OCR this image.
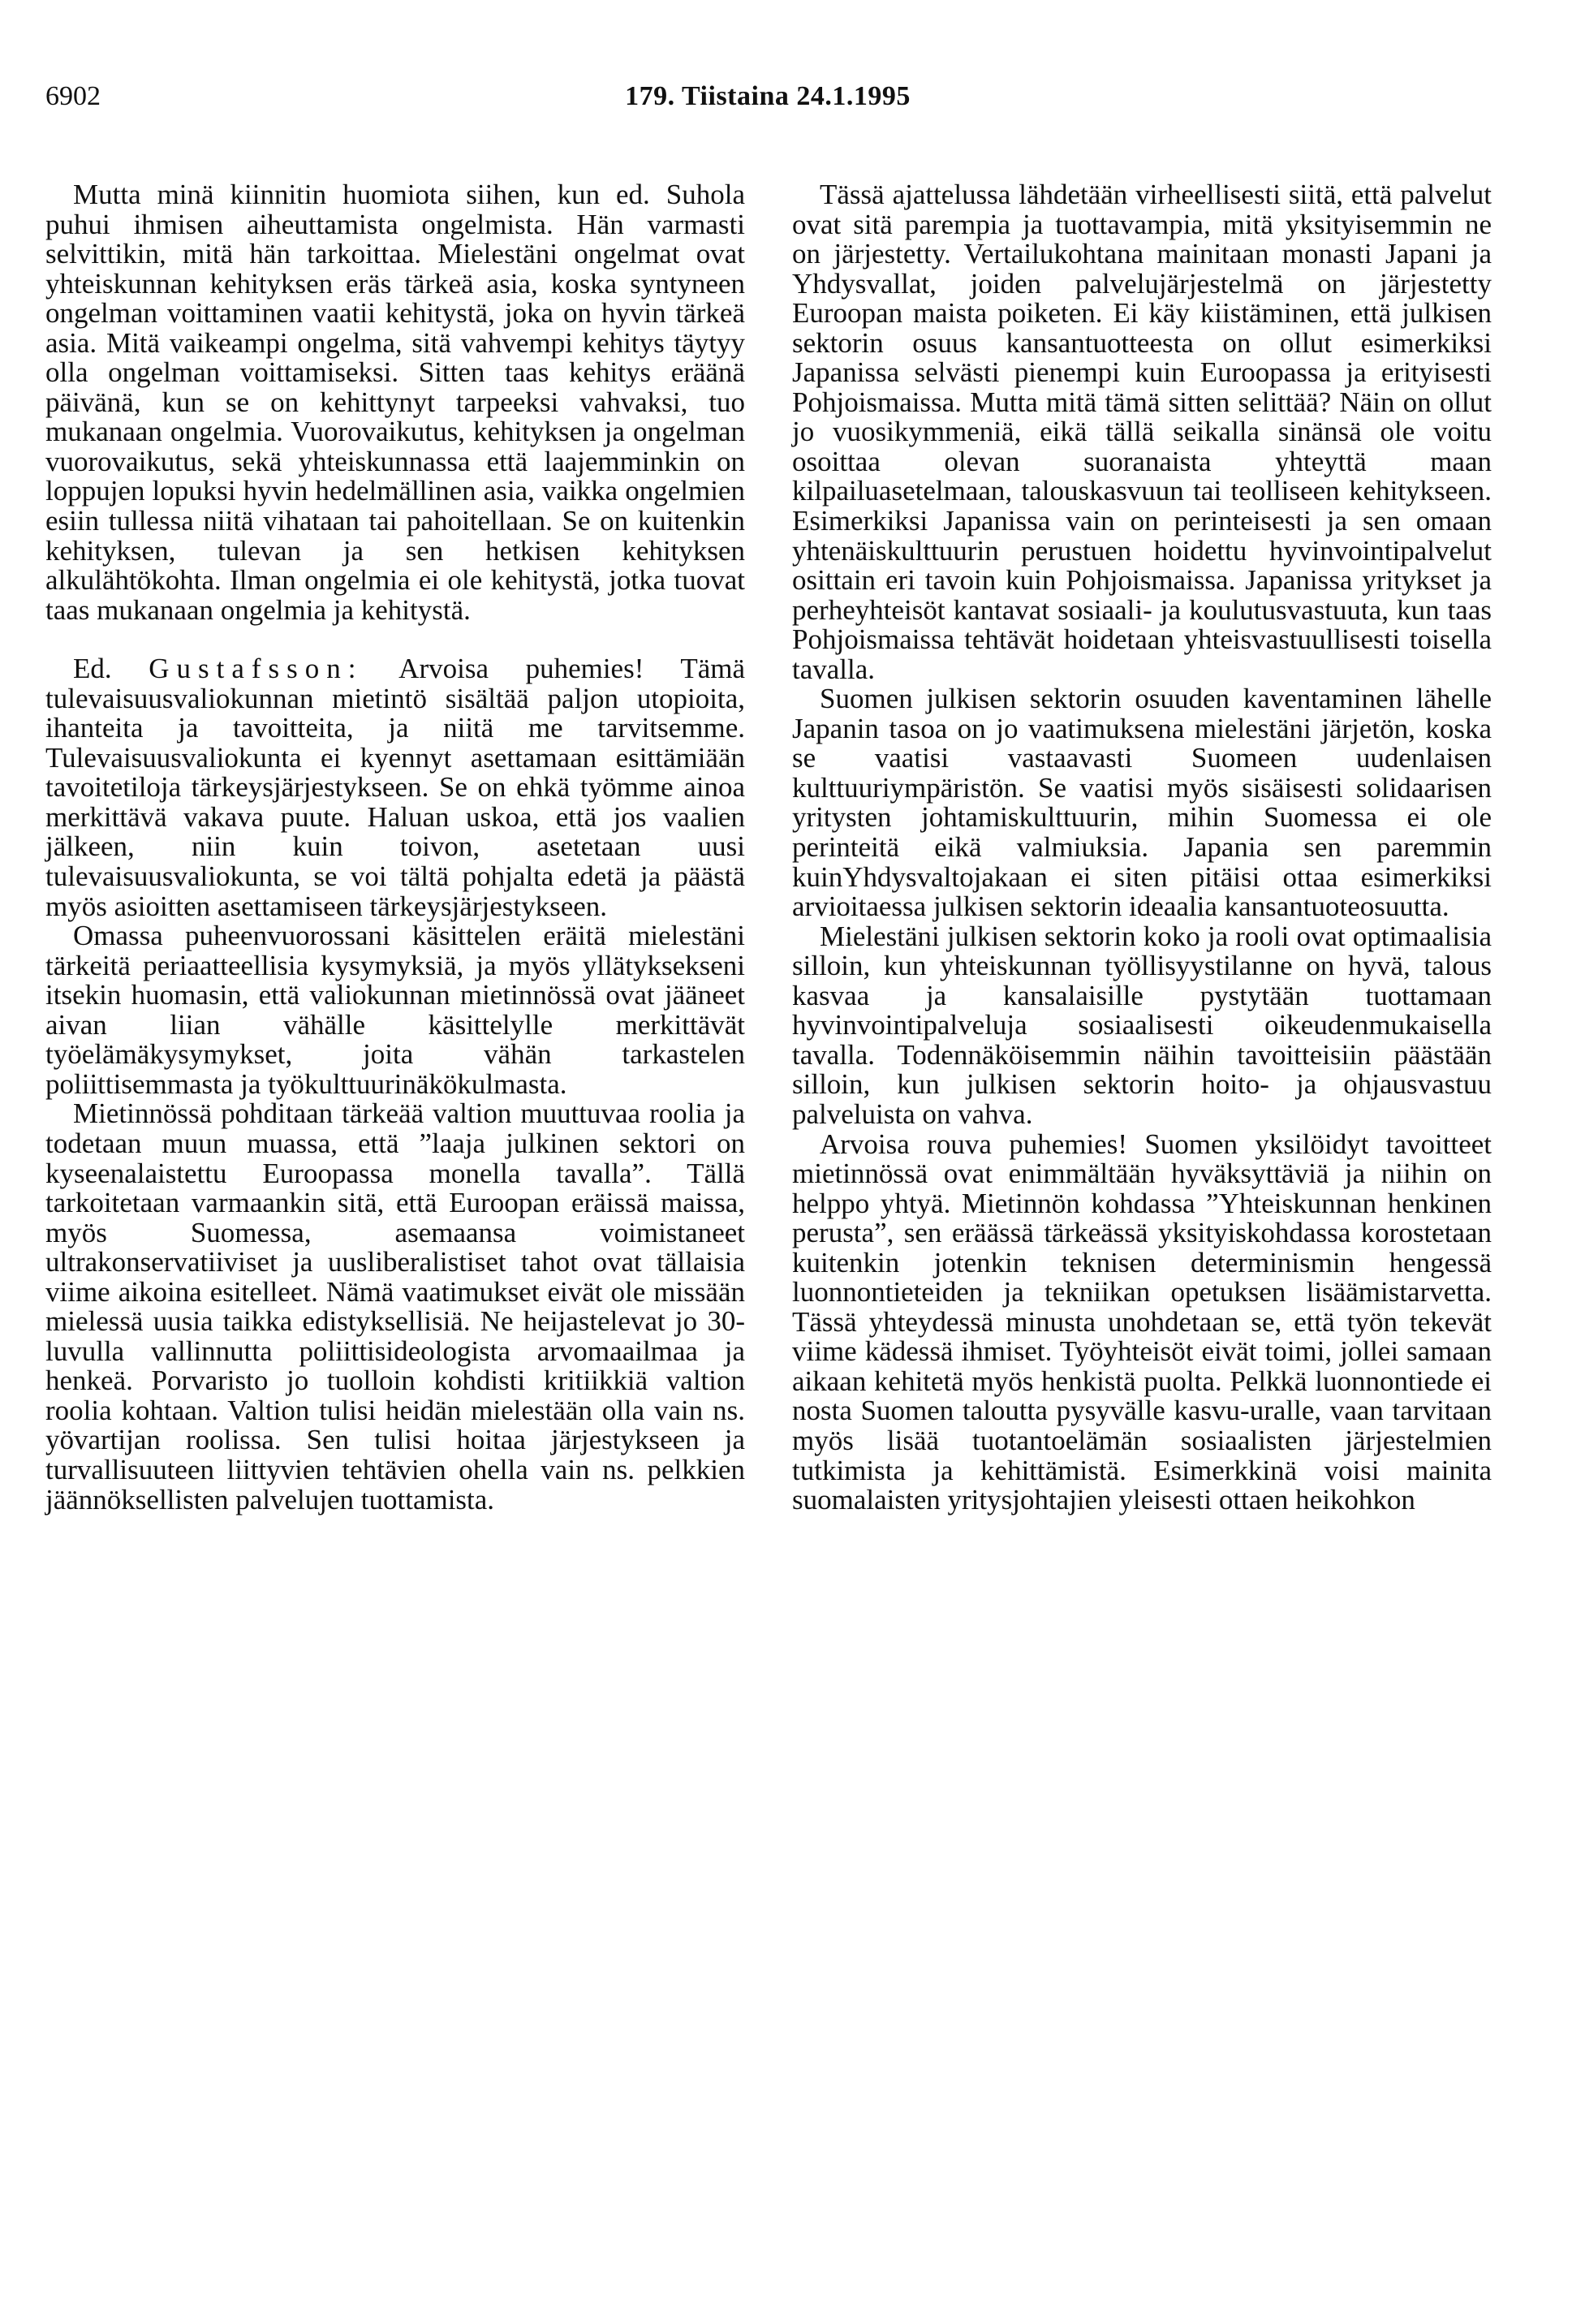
6902	179. Tiistaina 24.1.1995

Mutta minä kiinnitin huomiota siihen, kun ed. Suhola puhui ihmisen aiheuttamista ongelmista. Hän varmasti selvittikin, mitä hän tarkoittaa. Mielestäni ongelmat ovat yhteiskunnan kehityksen eräs tärkeä asia, koska syntyneen ongelman voittaminen vaatii kehitystä, joka on hyvin tärkeä asia. Mitä vaikeampi ongelma, sitä vahvempi kehitys täytyy olla ongelman voittamiseksi. Sitten taas kehitys eräänä päivänä, kun se on kehittynyt tarpeeksi vahvaksi, tuo mukanaan ongelmia. Vuorovaikutus, kehityksen ja ongelman vuorovaikutus, sekä yhteiskunnassa että laajemminkin on loppujen lopuksi hyvin hedelmällinen asia, vaikka ongelmien esiin tullessa niitä vihataan tai pahoitellaan. Se on kuitenkin kehityksen, tulevan ja sen hetkisen kehityksen alkulähtökohta. Ilman ongelmia ei ole kehitystä, jotka tuovat taas mukanaan ongelmia ja kehitystä.

Ed. Gustafsson: Arvoisa puhemies! Tämä tulevaisuusvaliokunnan mietintö sisältää paljon utopioita, ihanteita ja tavoitteita, ja niitä me tarvitsemme. Tulevaisuusvaliokunta ei kyennyt asettamaan esittämiään tavoitetiloja tärkeysjärjestykseen. Se on ehkä työmme ainoa merkittävä vakava puute. Haluan uskoa, että jos vaalien jälkeen, niin kuin toivon, asetetaan uusi tulevaisuusvaliokunta, se voi tältä pohjalta edetä ja päästä myös asioitten asettamiseen tärkeysjärjestykseen.

Omassa puheenvuorossani käsittelen eräitä mielestäni tärkeitä periaatteellisia kysymyksiä, ja myös yllätyksekseni itsekin huomasin, että valiokunnan mietinnössä ovat jääneet aivan liian vähälle käsittelylle merkittävät työelämäkysymykset, joita vähän tarkastelen poliittisemmasta ja työkulttuurinäkökulmasta.

Mietinnössä pohditaan tärkeää valtion muuttuvaa roolia ja todetaan muun muassa, että ”laaja julkinen sektori on kyseenalaistettu Euroopassa monella tavalla”. Tällä tarkoitetaan varmaankin sitä, että Euroopan eräissä maissa, myös Suomessa, asemaansa voimistaneet ultrakonservatiiviset ja uusliberalistiset tahot ovat tällaisia viime aikoina esitelleet. Nämä vaatimukset eivät ole missään mielessä uusia taikka edistyksellisiä. Ne heijastelevat jo 30-luvulla vallinnutta poliittisideologista arvomaailmaa ja henkeä. Porvaristo jo tuolloin kohdisti kritiikkiä valtion roolia kohtaan. Valtion tulisi heidän mielestään olla vain ns. yövartijan roolissa. Sen tulisi hoitaa järjestykseen ja turvallisuuteen liittyvien tehtävien ohella vain ns. pelkkien jäännöksellisten palvelujen tuottamista.

Tässä ajattelussa lähdetään virheellisesti siitä, että palvelut ovat sitä parempia ja tuottavampia, mitä yksityisemmin ne on järjestetty. Vertailukohtana mainitaan monasti Japani ja Yhdysvallat, joiden palvelujärjestelmä on järjestetty Euroopan maista poiketen. Ei käy kiistäminen, että julkisen sektorin osuus kansantuotteesta on ollut esimerkiksi Japanissa selvästi pienempi kuin Euroopassa ja erityisesti Pohjoismaissa. Mutta mitä tämä sitten selittää? Näin on ollut jo vuosikymmeniä, eikä tällä seikalla sinänsä ole voitu osoittaa olevan suoranaista yhteyttä maan kilpailuasetelmaan, talouskasvuun tai teolliseen kehitykseen. Esimerkiksi Japanissa vain on perinteisesti ja sen omaan yhtenäiskulttuurin perustuen hoidettu hyvinvointipalvelut osittain eri tavoin kuin Pohjoismaissa. Japanissa yritykset ja perheyhteisöt kantavat sosiaali- ja koulutusvastuuta, kun taas Pohjoismaissa tehtävät hoidetaan yhteisvastuullisesti toisella tavalla.

Suomen julkisen sektorin osuuden kaventaminen lähelle Japanin tasoa on jo vaatimuksena mielestäni järjetön, koska se vaatisi vastaavasti Suomeen uudenlaisen kulttuuriympäristön. Se vaatisi myös sisäisesti solidaarisen yritysten johtamiskulttuurin, mihin Suomessa ei ole perinteitä eikä valmiuksia. Japania sen paremmin kuinYhdysvaltojakaan ei siten pitäisi ottaa esimerkiksi arvioitaessa julkisen sektorin ideaalia kansantuoteosuutta.

Mielestäni julkisen sektorin koko ja rooli ovat optimaalisia silloin, kun yhteiskunnan työllisyystilanne on hyvä, talous kasvaa ja kansalaisille pystytään tuottamaan hyvinvointipalveluja sosiaalisesti oikeudenmukaisella tavalla. Todennäköisemmin näihin tavoitteisiin päästään silloin, kun julkisen sektorin hoito- ja ohjausvastuu palveluista on vahva.

Arvoisa rouva puhemies! Suomen yksilöidyt tavoitteet mietinnössä ovat enimmältään hyväksyttäviä ja niihin on helppo yhtyä. Mietinnön kohdassa ”Yhteiskunnan henkinen perusta”, sen eräässä tärkeässä yksityiskohdassa korostetaan kuitenkin jotenkin teknisen determinismin hengessä luonnontieteiden ja tekniikan opetuksen lisäämistarvetta. Tässä yhteydessä minusta unohdetaan se, että työn tekevät viime kädessä ihmiset. Työyhteisöt eivät toimi, jollei samaan aikaan kehitetä myös henkistä puolta. Pelkkä luonnontiede ei nosta Suomen taloutta pysyvälle kasvu-uralle, vaan tarvitaan myös lisää tuotantoelämän sosiaalisten järjestelmien tutkimista ja kehittämistä. Esimerkkinä voisi mainita suomalaisten yritysjohtajien yleisesti ottaen heikohkon
